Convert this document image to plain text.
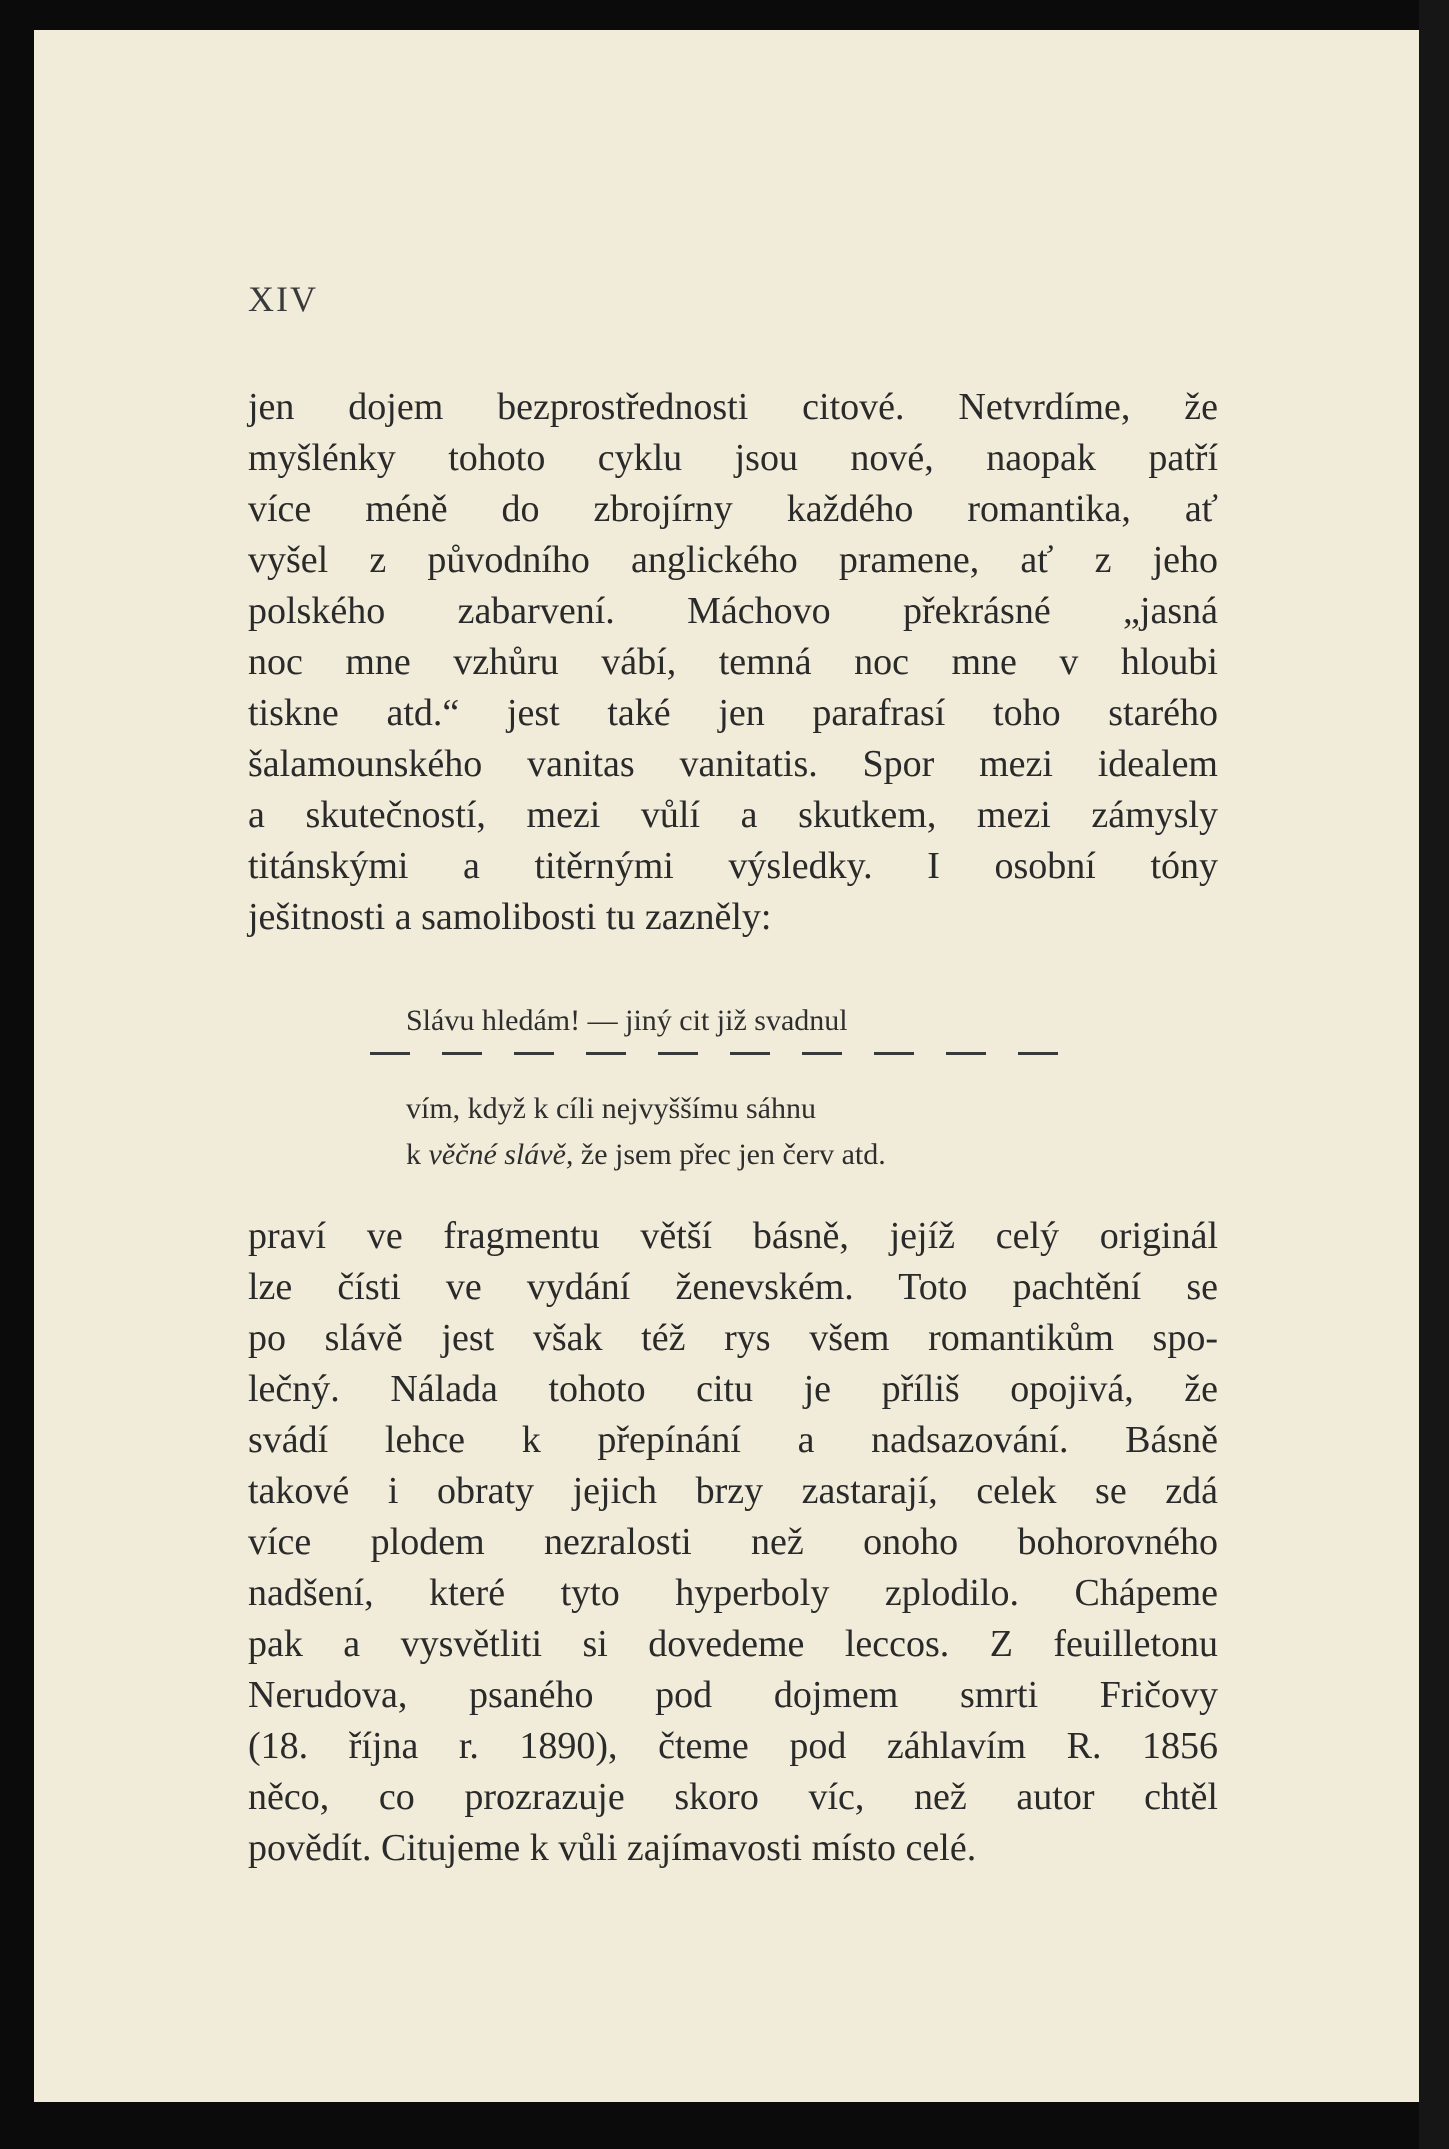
XIV

jen dojem bezprostřednosti citové. Netvrdíme, že
myšlénky tohoto cyklu jsou nové, naopak patří
více méně do zbrojírny každého romantika, ať
vyšel z původního anglického pramene, ať z jeho
polského zabarvení. Máchovo překrásné „jasná
noc mne vzhůru vábí, temná noc mne v hloubi
tiskne atd.“ jest také jen parafrasí toho starého
šalamounského vanitas vanitatis. Spor mezi idealem
a skutečností, mezi vůlí a skutkem, mezi zámysly
titánskými a titěrnými výsledky. I osobní tóny
ješitnosti a samolibosti tu zazněly:

Slávu hledám! — jiný cit již svadnul
vím, když k cíli nejvyššímu sáhnu
k věčné slávě, že jsem přec jen červ atd.

praví ve fragmentu větší básně, jejíž celý originál
lze čísti ve vydání ženevském. Toto pachtění se
po slávě jest však též rys všem romantikům spo-
lečný. Nálada tohoto citu je příliš opojivá, že
svádí lehce k přepínání a nadsazování. Básně
takové i obraty jejich brzy zastarají, celek se zdá
více plodem nezralosti než onoho bohorovného
nadšení, které tyto hyperboly zplodilo. Chápeme
pak a vysvětliti si dovedeme leccos. Z feuilletonu
Nerudova, psaného pod dojmem smrti Fričovy
(18. října r. 1890), čteme pod záhlavím R. 1856
něco, co prozrazuje skoro víc, než autor chtěl
povědít. Citujeme k vůli zajímavosti místo celé.
